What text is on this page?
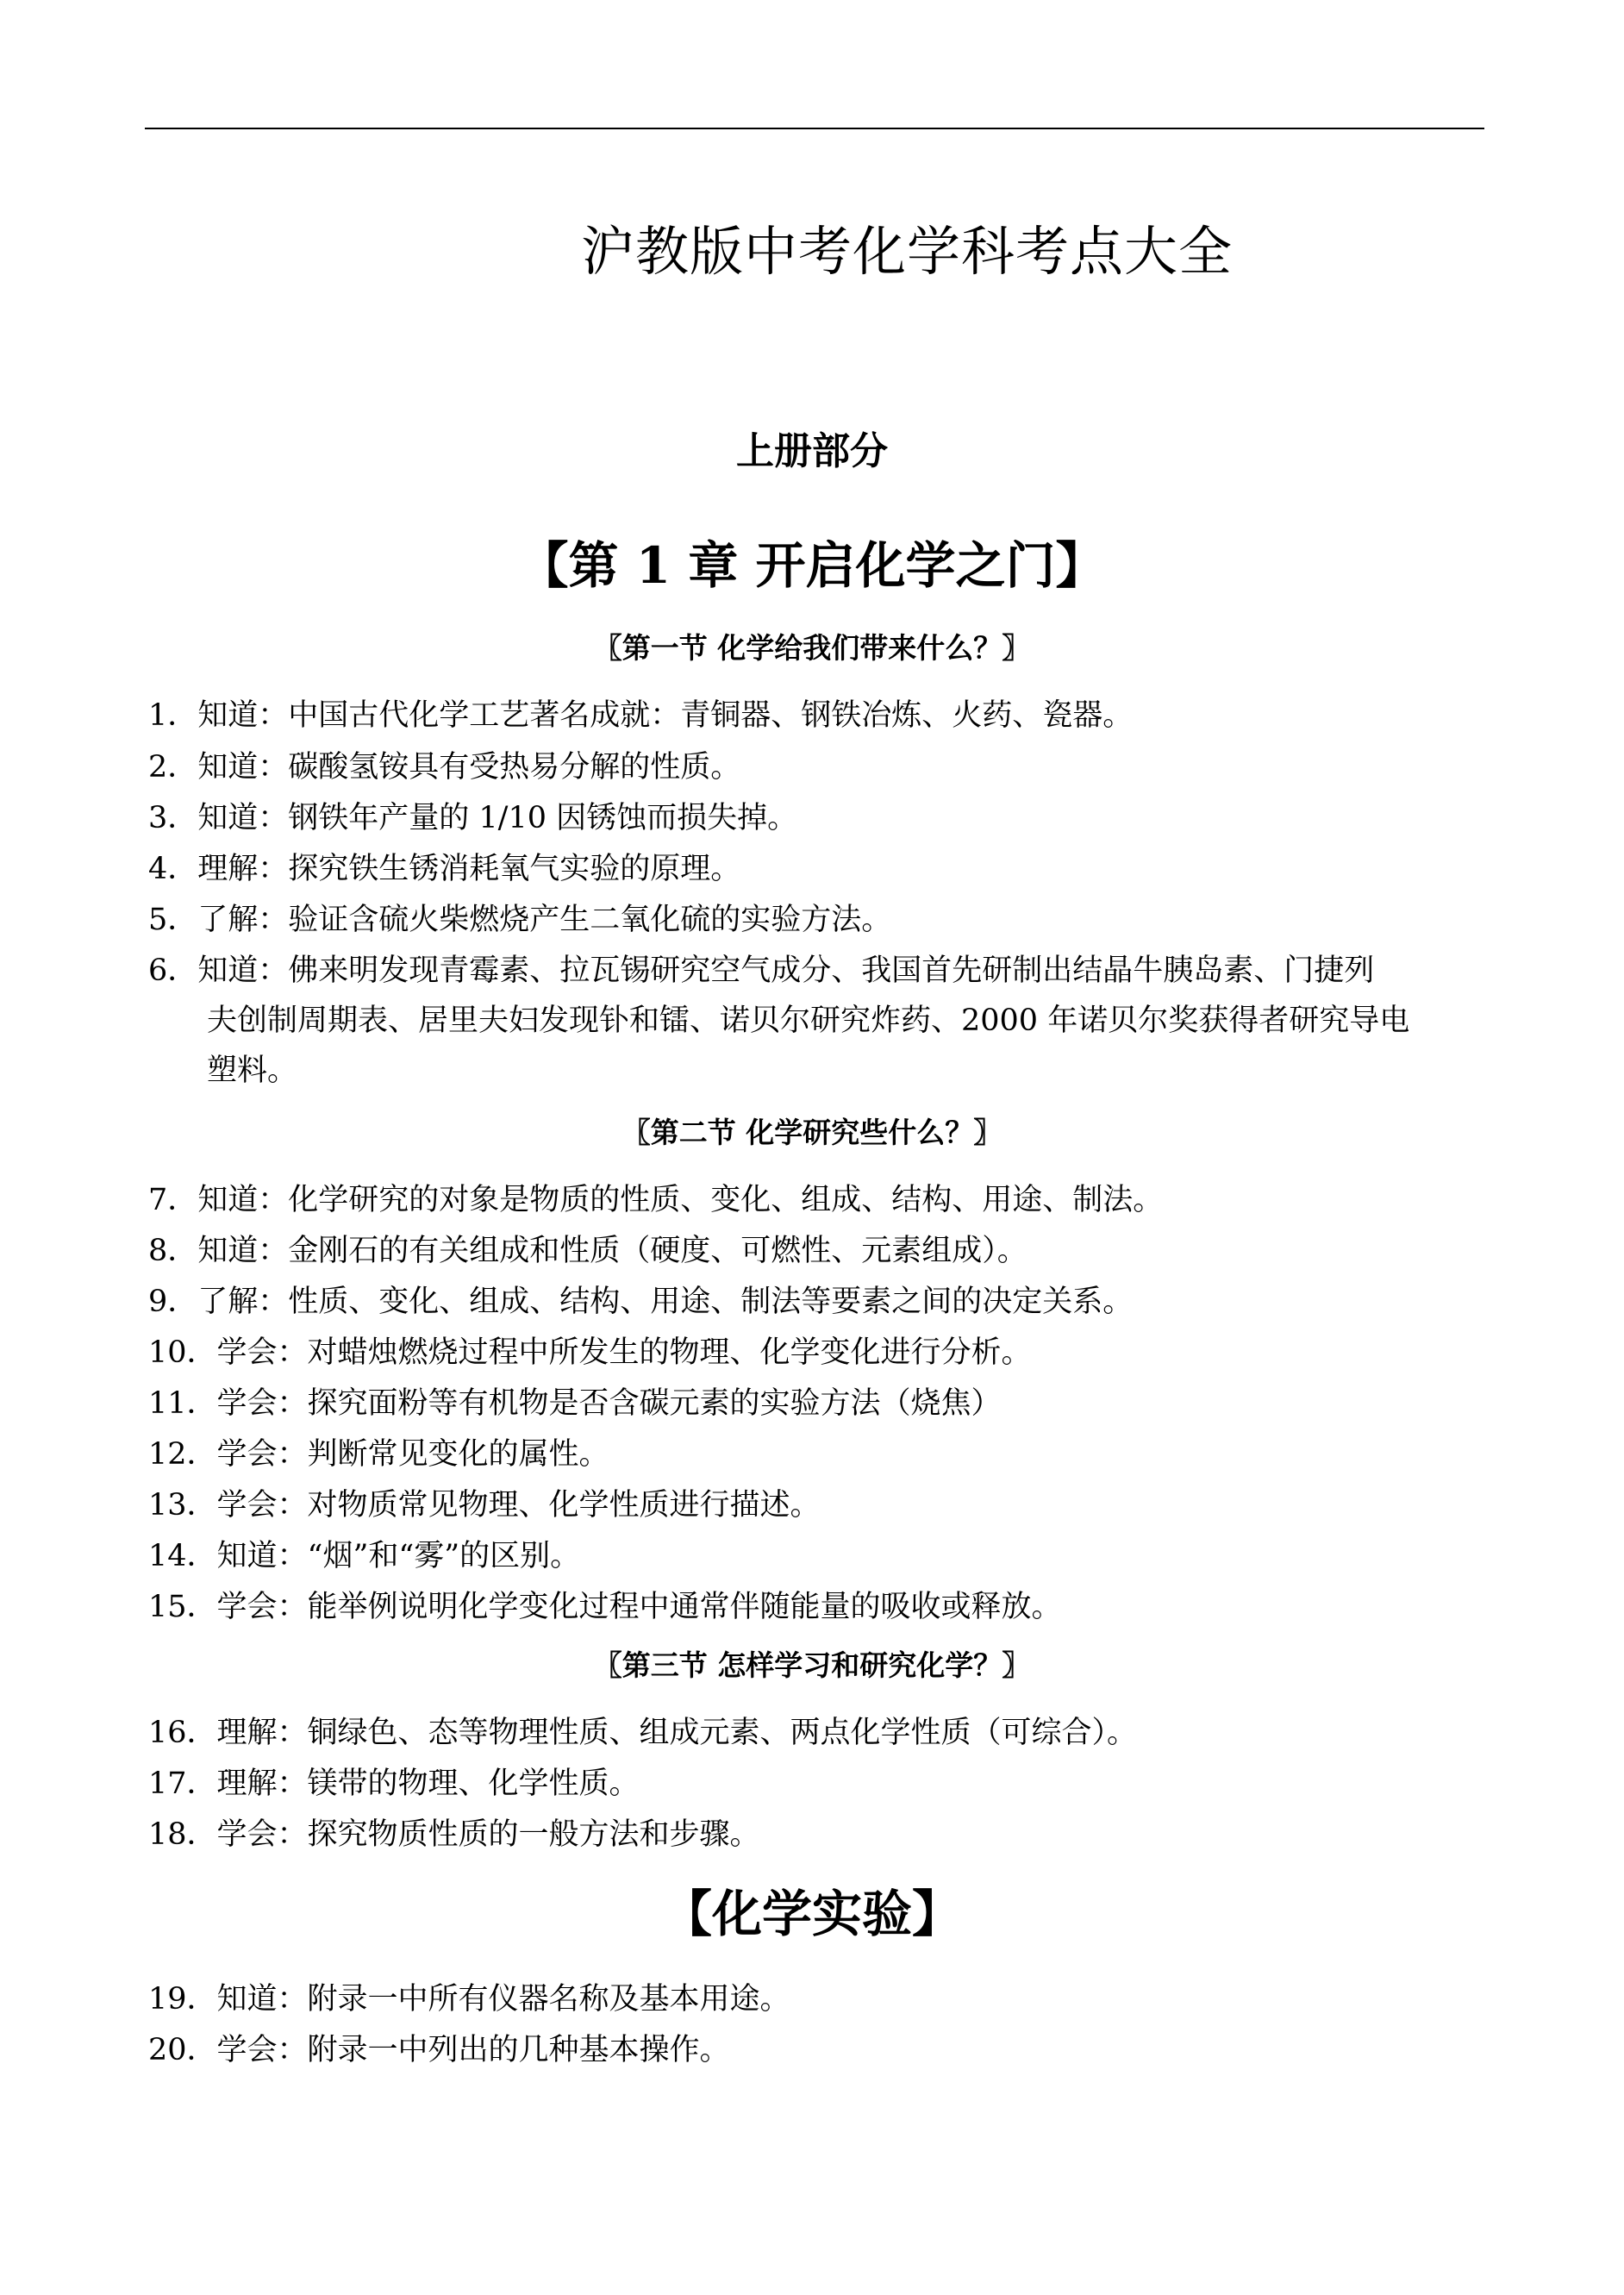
沪教版中考化学科考点大全
上册部分
【第 1 章 开启化学之门】
〖第一节 化学给我们带来什么？〗
1．知道：中国古代化学工艺著名成就：青铜器、钢铁冶炼、火药、瓷器。
2．知道：碳酸氢铵具有受热易分解的性质。
3．知道：钢铁年产量的 1/10 因锈蚀而损失掉。
4．理解：探究铁生锈消耗氧气实验的原理。
5．了解：验证含硫火柴燃烧产生二氧化硫的实验方法。
6．知道：佛来明发现青霉素、拉瓦锡研究空气成分、我国首先研制出结晶牛胰岛素、门捷列
夫创制周期表、居里夫妇发现钋和镭、诺贝尔研究炸药、2000 年诺贝尔奖获得者研究导电
塑料。
〖第二节 化学研究些什么？〗
7．知道：化学研究的对象是物质的性质、变化、组成、结构、用途、制法。
8．知道：金刚石的有关组成和性质（硬度、可燃性、元素组成）。
9．了解：性质、变化、组成、结构、用途、制法等要素之间的决定关系。
10．学会：对蜡烛燃烧过程中所发生的物理、化学变化进行分析。
11．学会：探究面粉等有机物是否含碳元素的实验方法（烧焦）
12．学会：判断常见变化的属性。
13．学会：对物质常见物理、化学性质进行描述。
14．知道：“烟”和“雾”的区别。
15．学会：能举例说明化学变化过程中通常伴随能量的吸收或释放。
〖第三节 怎样学习和研究化学？〗
16．理解：铜绿色、态等物理性质、组成元素、两点化学性质（可综合）。
17．理解：镁带的物理、化学性质。
18．学会：探究物质性质的一般方法和步骤。
【化学实验】
19．知道：附录一中所有仪器名称及基本用途。
20．学会：附录一中列出的几种基本操作。
